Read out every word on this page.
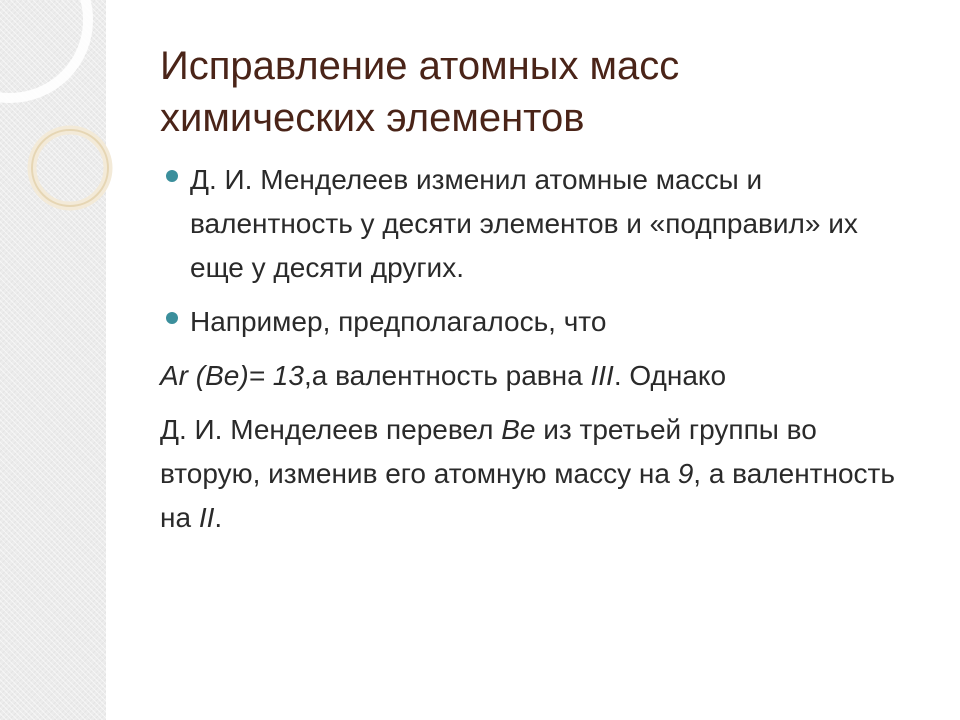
Исправление атомных масс
химических элементов
Д. И. Менделеев изменил атомные массы и валентность у десяти элементов и «подправил» их еще у десяти других.
Например, предполагалось, что

Ar (Be)= 13,а валентность равна III. Однако

Д. И. Менделеев перевел Be из третьей группы во вторую, изменив его атомную массу на 9, а валентность на II.
